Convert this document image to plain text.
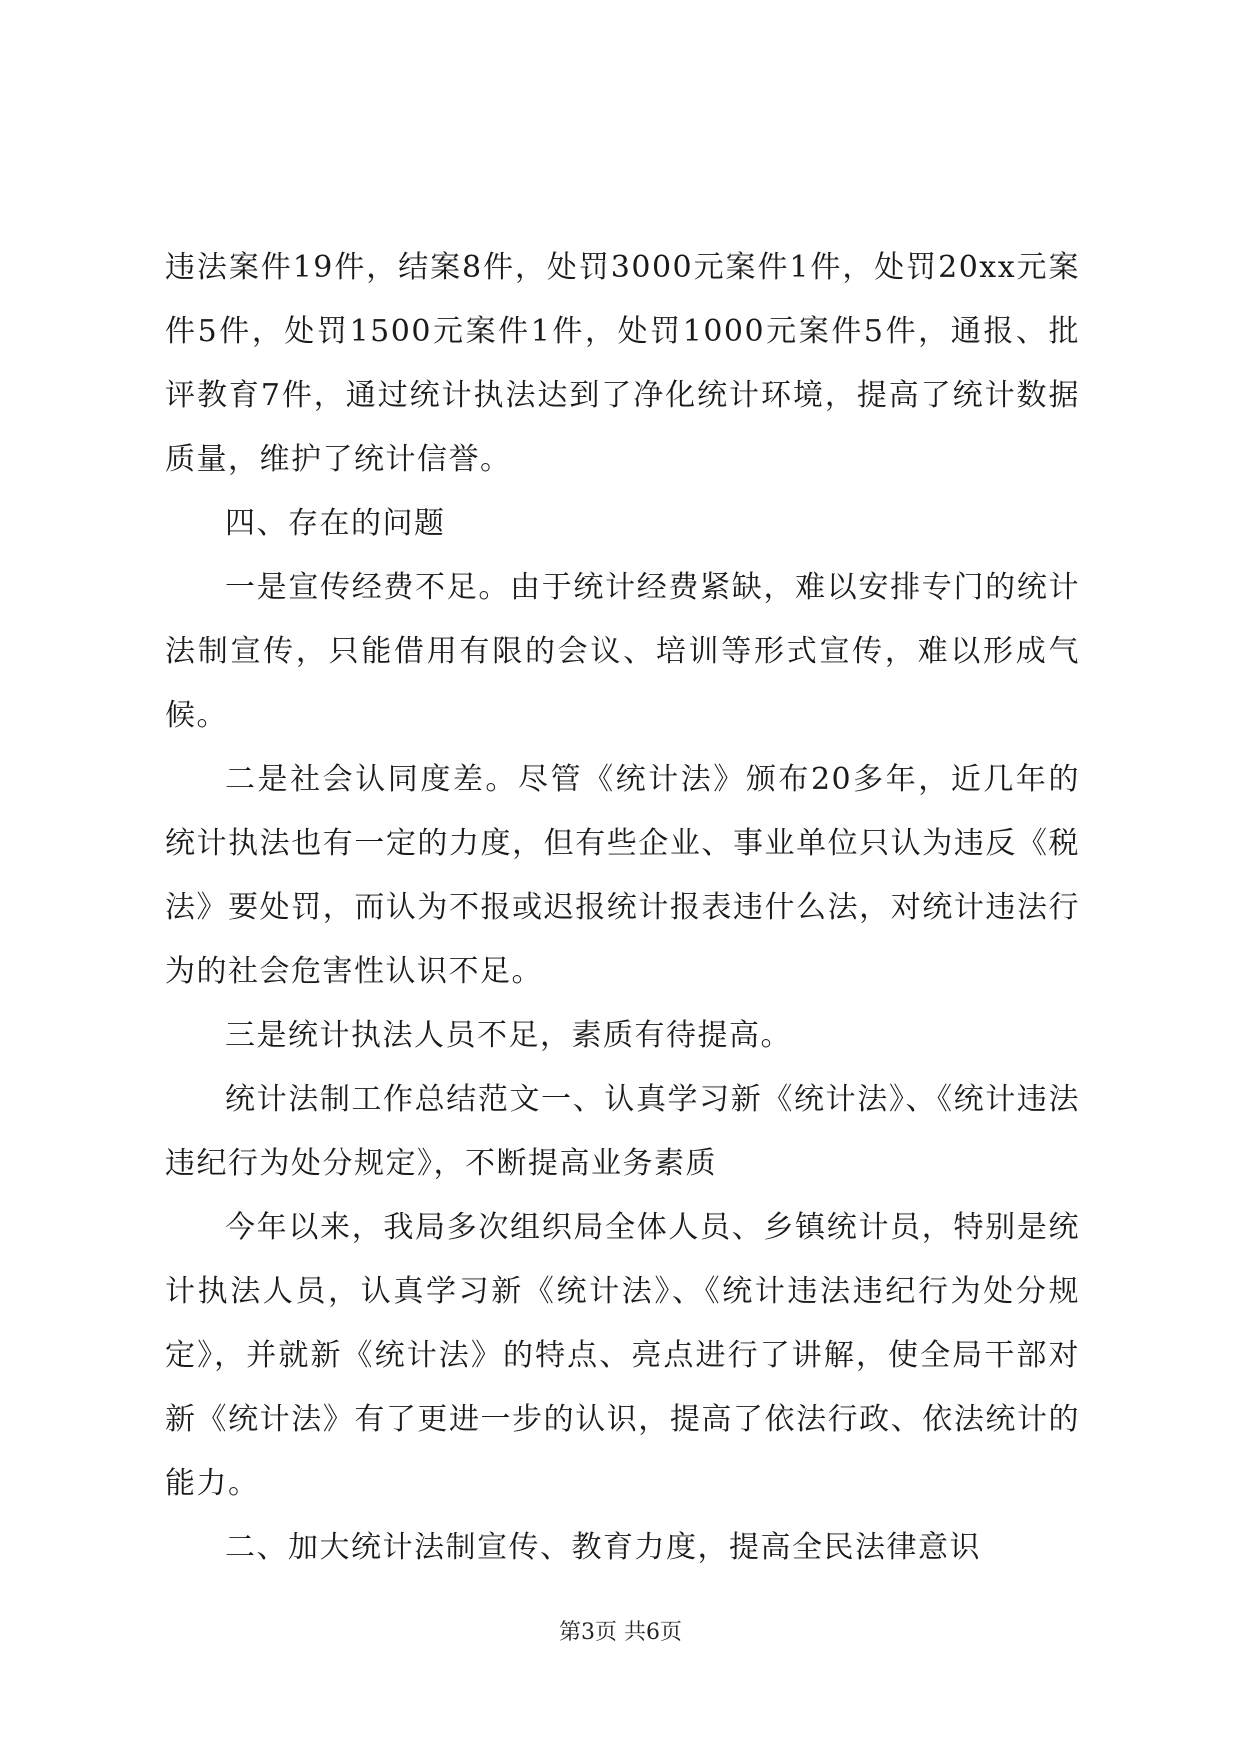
违法案件19件，结案8件，处罚3000元案件1件，处罚20xx元案件5件，处罚1500元案件1件，处罚1000元案件5件，通报、批评教育7件，通过统计执法达到了净化统计环境，提高了统计数据质量，维护了统计信誉。

四、存在的问题

一是宣传经费不足。由于统计经费紧缺，难以安排专门的统计法制宣传，只能借用有限的会议、培训等形式宣传，难以形成气候。

二是社会认同度差。尽管《统计法》颁布20多年，近几年的统计执法也有一定的力度，但有些企业、事业单位只认为违反《税法》要处罚，而认为不报或迟报统计报表违什么法，对统计违法行为的社会危害性认识不足。

三是统计执法人员不足，素质有待提高。

统计法制工作总结范文一、认真学习新《统计法》、《统计违法违纪行为处分规定》，不断提高业务素质

今年以来，我局多次组织局全体人员、乡镇统计员，特别是统计执法人员，认真学习新《统计法》、《统计违法违纪行为处分规定》，并就新《统计法》的特点、亮点进行了讲解，使全局干部对新《统计法》有了更进一步的认识，提高了依法行政、依法统计的能力。

二、加大统计法制宣传、教育力度，提高全民法律意识

第3页 共6页
